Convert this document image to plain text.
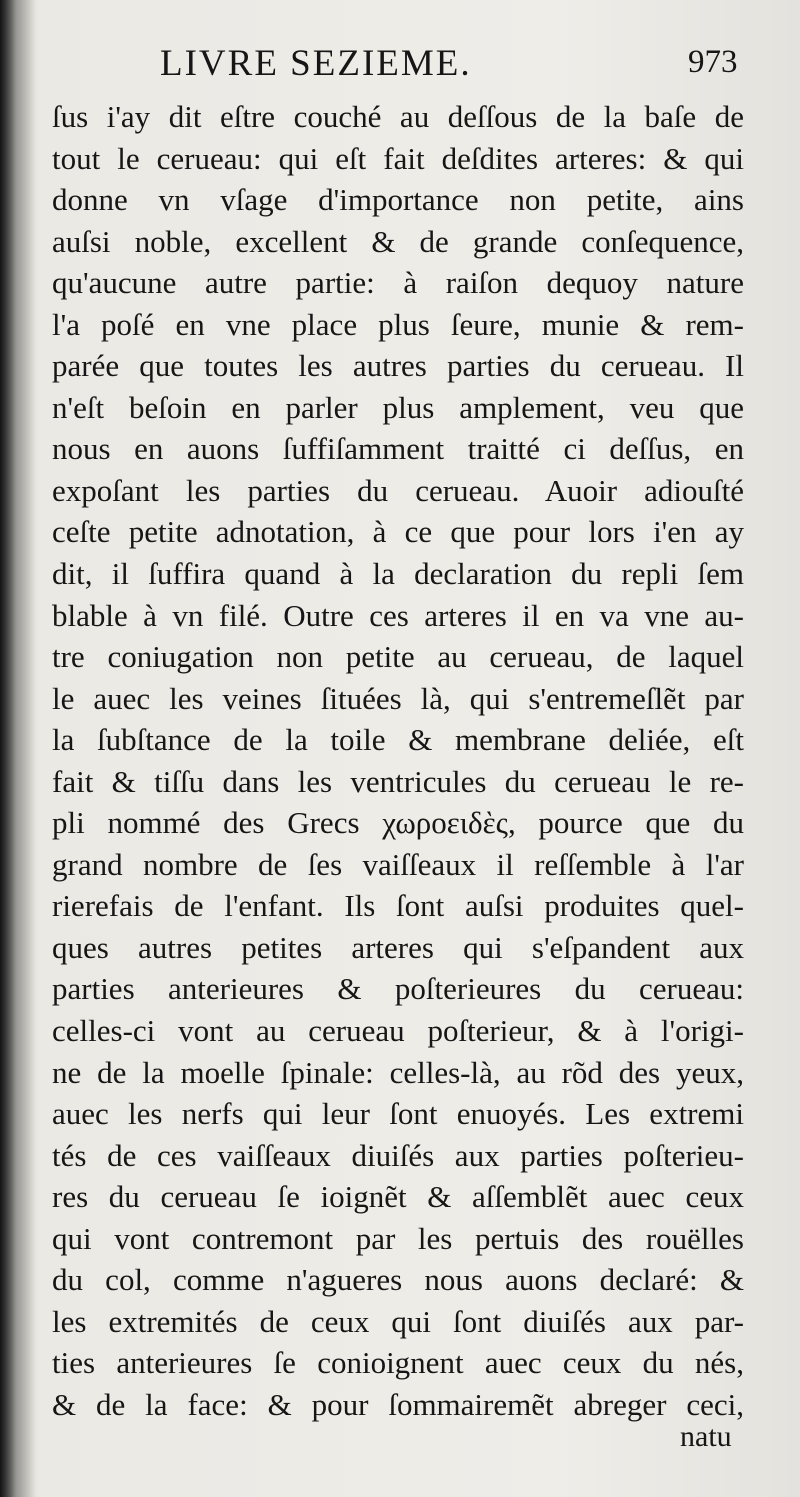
LIVRE SEZIEME.	973
ſus i'ay dit eſtre couché au deſſous de la baſe de
tout le cerueau: qui eſt fait deſdites arteres: & qui
donne vn vſage d'importance non petite, ains
auſsi noble, excellent & de grande conſequence,
qu'aucune autre partie: à raiſon dequoy nature
l'a poſé en vne place plus ſeure, munie & rem-
parée que toutes les autres parties du cerueau. Il
n'eſt beſoin en parler plus amplement, veu que
nous en auons ſuffiſamment traitté ci deſſus, en
expoſant les parties du cerueau. Auoir adiouſté
ceſte petite adnotation, à ce que pour lors i'en ay
dit, il ſuffira quand à la declaration du repli ſem
blable à vn filé. Outre ces arteres il en va vne au-
tre coniugation non petite au cerueau, de laquel
le auec les veines ſituées là, qui s'entremeſlẽt par
la ſubſtance de la toile & membrane deliée, eſt
fait & tiſſu dans les ventricules du cerueau le re-
pli nommé des Grecs χωροειδὲς, pource que du
grand nombre de ſes vaiſſeaux il reſſemble à l'ar
rierefais de l'enfant. Ils ſont auſsi produites quel-
ques autres petites arteres qui s'eſpandent aux
parties anterieures & poſterieures du cerueau:
celles-ci vont au cerueau poſterieur, & à l'origi-
ne de la moelle ſpinale: celles-là, au rõd des yeux,
auec les nerfs qui leur ſont enuoyés. Les extremi
tés de ces vaiſſeaux diuiſés aux parties poſterieu-
res du cerueau ſe ioignẽt & aſſemblẽt auec ceux
qui vont contremont par les pertuis des rouëlles
du col, comme n'agueres nous auons declaré: &
les extremités de ceux qui ſont diuiſés aux par-
ties anterieures ſe conioignent auec ceux du nés,
& de la face: & pour ſommairemẽt abreger ceci,
natu
